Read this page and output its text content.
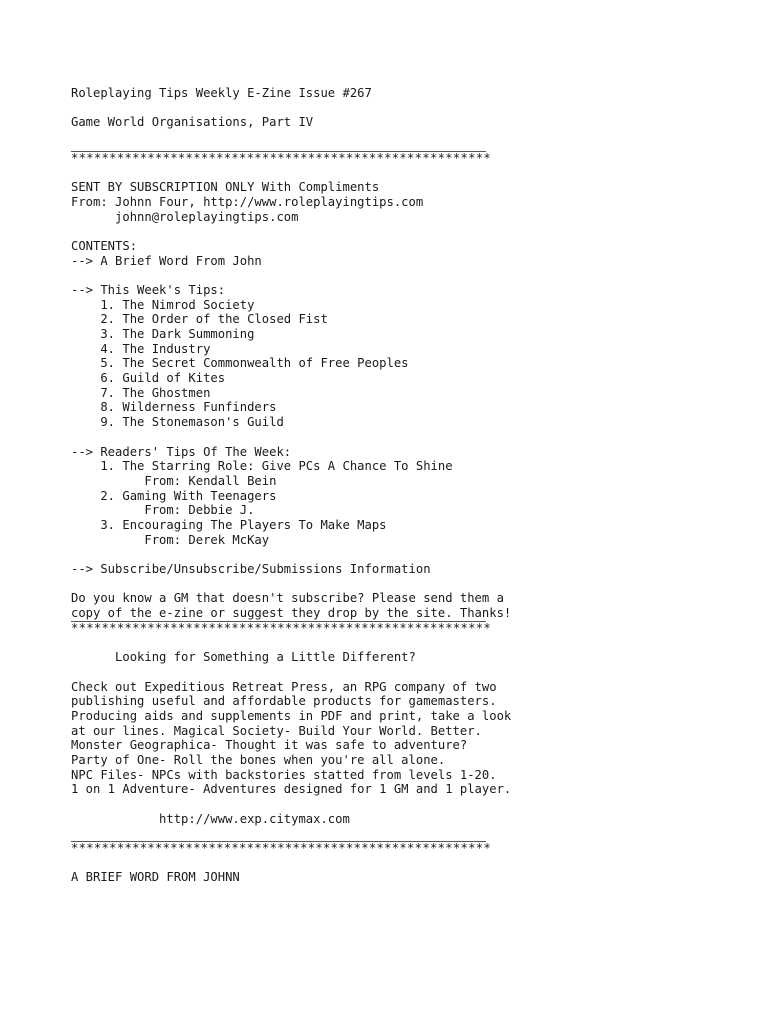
Roleplaying Tips Weekly E-Zine Issue #267
Game World Organisations, Part IV
*******************************************************
SENT BY SUBSCRIPTION ONLY With Compliments
From: Johnn Four, http://www.roleplayingtips.com
johnn@roleplayingtips.com
CONTENTS:
--> A Brief Word From John
--> This Week's Tips:
1. The Nimrod Society
2. The Order of the Closed Fist
3. The Dark Summoning
4. The Industry
5. The Secret Commonwealth of Free Peoples
6. Guild of Kites
7. The Ghostmen
8. Wilderness Funfinders
9. The Stonemason's Guild
--> Readers' Tips Of The Week:
1. The Starring Role: Give PCs A Chance To Shine
From: Kendall Bein
2. Gaming With Teenagers
From: Debbie J.
3. Encouraging The Players To Make Maps
From: Derek McKay
--> Subscribe/Unsubscribe/Submissions Information
Do you know a GM that doesn't subscribe? Please send them a
copy of the e-zine or suggest they drop by the site. Thanks!
*******************************************************
Looking for Something a Little Different?
Check out Expeditious Retreat Press, an RPG company of two
publishing useful and affordable products for gamemasters.
Producing aids and supplements in PDF and print, take a look
at our lines. Magical Society- Build Your World. Better.
Monster Geographica- Thought it was safe to adventure?
Party of One- Roll the bones when you're all alone.
NPC Files- NPCs with backstories statted from levels 1-20.
1 on 1 Adventure- Adventures designed for 1 GM and 1 player.
http://www.exp.citymax.com
*******************************************************
A BRIEF WORD FROM JOHNN
